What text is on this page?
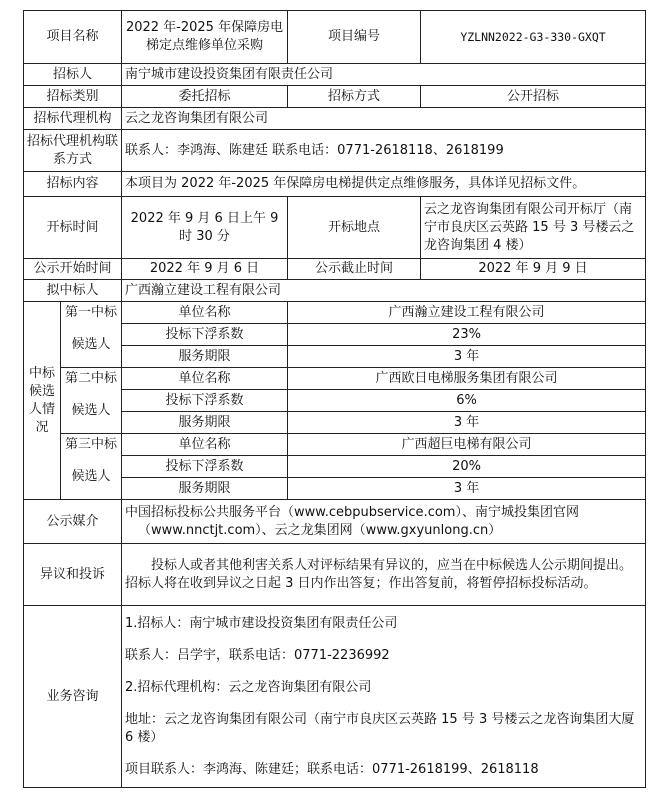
项目名称		2022 年-2025 年保障房电梯定点维修单位采购	项目编号	YZLNN2022-G3-330-GXQT
招标人		南宁城市建设投资集团有限责任公司		
招标类别		委托招标	招标方式	公开招标
招标代理机构		云之龙咨询集团有限公司		
招标代理机构联系方式		联系人：李鸿海、陈建廷 联系电话：0771-2618118、2618199		
招标内容		本项目为 2022 年-2025 年保障房电梯提供定点维修服务，具体详见招标文件。		
开标时间		2022 年 9 月 6 日上午 9 时 30 分	开标地点	云之龙咨询集团有限公司开标厅（南宁市良庆区云英路 15 号 3 号楼云之龙咨询集团 4 楼）
公示开始时间		2022 年 9 月 6 日	公示截止时间	2022 年 9 月 9 日
拟中标人		广西瀚立建设工程有限公司		
中标候选人情况	第一中标	单位名称	广西瀚立建设工程有限公司	
	候选人	投标下浮系数	23%	
		服务期限	3 年	
	第二中标	单位名称	广西欧日电梯服务集团有限公司	
	候选人	投标下浮系数	6%	
		服务期限	3 年	
	第三中标	单位名称	广西超巨电梯有限公司	
	候选人	投标下浮系数	20%	
		服务期限	3 年	
公示媒介		中国招标投标公共服务平台（www.cebpubservice.com）、南宁城投集团官网
（www.nnctjt.com）、云之龙集团网（www.gxyunlong.cn）		

异议和投诉		投标人或者其他利害关系人对评标结果有异议的，应当在中标候选人公示期间提出。招标人将在收到异议之日起 3 日内作出答复；作出答复前，将暂停招标投标活动。		
业务咨询		1.招标人：南宁城市建设投资集团有限责任公司
联系人：吕学宇，联系电话：0771-2236992
2.招标代理机构：云之龙咨询集团有限公司
地址：云之龙咨询集团有限公司（南宁市良庆区云英路 15 号 3 号楼云之龙咨询集团大厦 6 楼）
项目联系人：李鸿海、陈建廷；联系电话：0771-2618199、2618118		
